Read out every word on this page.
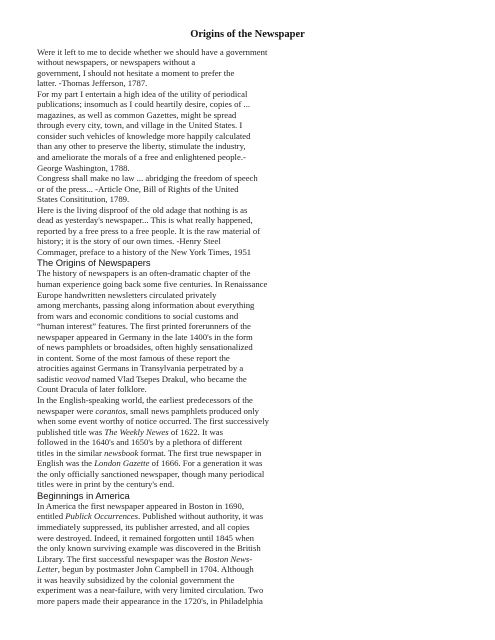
Origins of the Newspaper
Were it left to me to decide whether we should have a government
without newspapers, or newspapers without a
government, I should not hesitate a moment to prefer the
latter. -Thomas Jefferson, 1787.
For my part I entertain a high idea of the utility of periodical
publications; insomuch as I could heartily desire, copies of ...
magazines, as well as common Gazettes, might be spread
through every city, town, and village in the United States. I
consider such vehicles of knowledge more happily calculated
than any other to preserve the liberty, stimulate the industry,
and ameliorate the morals of a free and enlightened people.-
George Washington, 1788.
Congress shall make no law ... abridging the freedom of speech
or of the press... -Article One, Bill of Rights of the United
States Consititution, 1789.
Here is the living disproof of the old adage that nothing is as
dead as yesterday's newspaper... This is what really happened,
reported by a free press to a free people. It is the raw material of
history; it is the story of our own times. -Henry Steel
Commager, preface to a history of the New York Times, 1951
The Origins of Newspapers
The history of newspapers is an often-dramatic chapter of the
human experience going back some five centuries. In Renaissance
Europe handwritten newsletters circulated privately
among merchants, passing along information about everything
from wars and economic conditions to social customs and
“human interest” features. The first printed forerunners of the
newspaper appeared in Germany in the late 1400's in the form
of news pamphlets or broadsides, often highly sensationalized
in content. Some of the most famous of these report the
atrocities against Germans in Transylvania perpetrated by a
sadistic veovod named Vlad Tsepes Drakul, who became the
Count Dracula of later folklore.
In the English-speaking world, the earliest predecessors of the
newspaper were corantos, small news pamphlets produced only
when some event worthy of notice occurred. The first successively
published title was The Weekly Newes of 1622. It was
followed in the 1640's and 1650's by a plethora of different
titles in the similar newsbook format. The first true newspaper in
English was the London Gazette of 1666. For a generation it was
the only officially sanctioned newspaper, though many periodical
titles were in print by the century's end.
Beginnings in America
In America the first newspaper appeared in Boston in 1690,
entitled Publick Occurrences. Published without authority, it was
immediately suppressed, its publisher arrested, and all copies
were destroyed. Indeed, it remained forgotten until 1845 when
the only known surviving example was discovered in the British
Library. The first successful newspaper was the Boston News-
Letter, begun by postmaster John Campbell in 1704. Although
it was heavily subsidized by the colonial government the
experiment was a near-failure, with very limited circulation. Two
more papers made their appearance in the 1720's, in Philadelphia
